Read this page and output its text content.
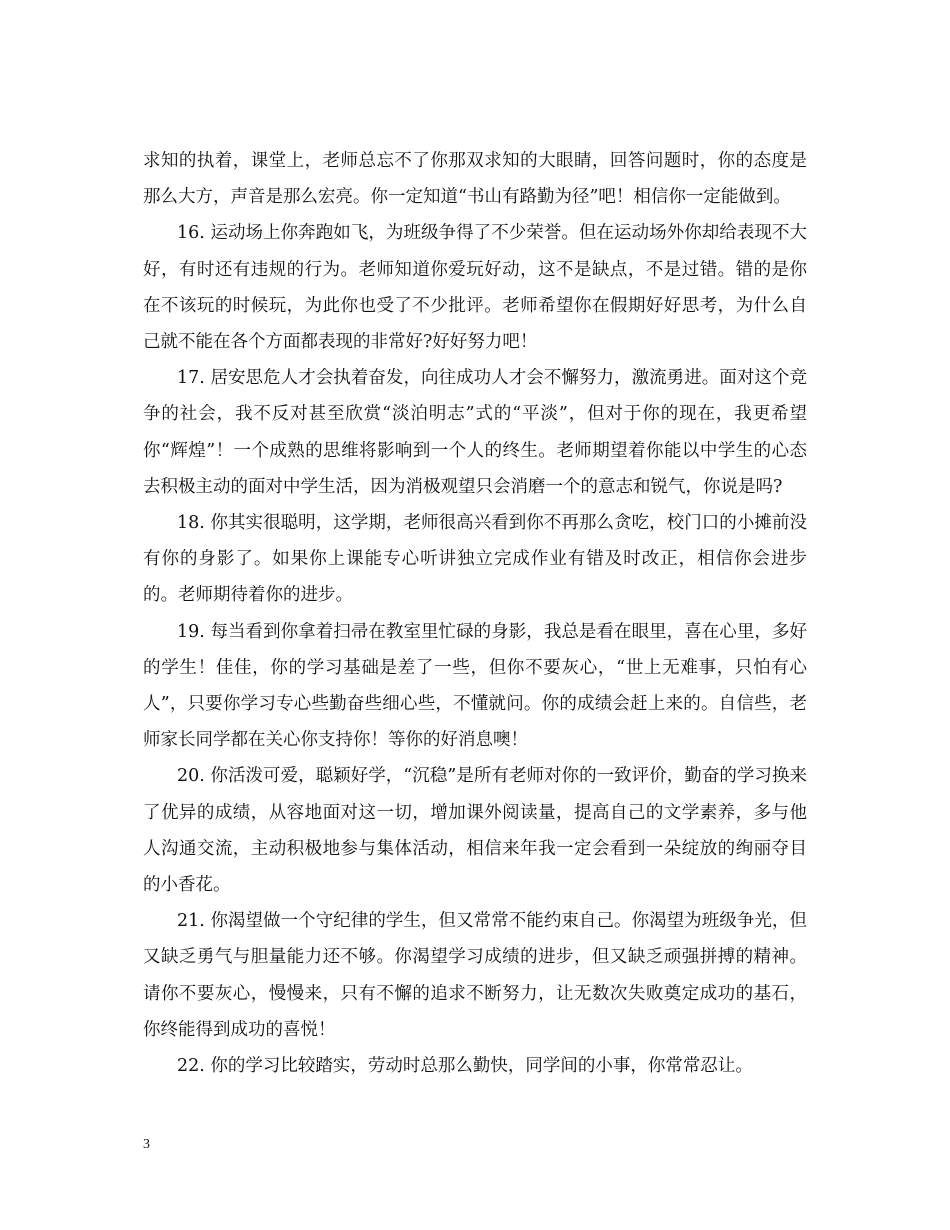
求知的执着，课堂上，老师总忘不了你那双求知的大眼睛，回答问题时，你的态度是那么大方，声音是那么宏亮。你一定知道“书山有路勤为径”吧！相信你一定能做到。

16. 运动场上你奔跑如飞，为班级争得了不少荣誉。但在运动场外你却给表现不大好，有时还有违规的行为。老师知道你爱玩好动，这不是缺点，不是过错。错的是你在不该玩的时候玩，为此你也受了不少批评。老师希望你在假期好好思考，为什么自己就不能在各个方面都表现的非常好?好好努力吧！

17. 居安思危人才会执着奋发，向往成功人才会不懈努力，激流勇进。面对这个竞争的社会，我不反对甚至欣赏“淡泊明志”式的“平淡”，但对于你的现在，我更希望你“辉煌”！一个成熟的思维将影响到一个人的终生。老师期望着你能以中学生的心态去积极主动的面对中学生活，因为消极观望只会消磨一个的意志和锐气，你说是吗?

18. 你其实很聪明，这学期，老师很高兴看到你不再那么贪吃，校门口的小摊前没有你的身影了。如果你上课能专心听讲独立完成作业有错及时改正，相信你会进步的。老师期待着你的进步。

19. 每当看到你拿着扫帚在教室里忙碌的身影，我总是看在眼里，喜在心里，多好的学生！佳佳，你的学习基础是差了一些，但你不要灰心，“世上无难事，只怕有心人”，只要你学习专心些勤奋些细心些，不懂就问。你的成绩会赶上来的。自信些，老师家长同学都在关心你支持你！等你的好消息噢！

20. 你活泼可爱，聪颖好学，“沉稳”是所有老师对你的一致评价，勤奋的学习换来了优异的成绩，从容地面对这一切，增加课外阅读量，提高自己的文学素养，多与他人沟通交流，主动积极地参与集体活动，相信来年我一定会看到一朵绽放的绚丽夺目的小香花。

21. 你渴望做一个守纪律的学生，但又常常不能约束自己。你渴望为班级争光，但又缺乏勇气与胆量能力还不够。你渴望学习成绩的进步，但又缺乏顽强拼搏的精神。 请你不要灰心，慢慢来，只有不懈的追求不断努力，让无数次失败奠定成功的基石，你终能得到成功的喜悦！

22. 你的学习比较踏实，劳动时总那么勤快，同学间的小事，你常常忍让。

3
